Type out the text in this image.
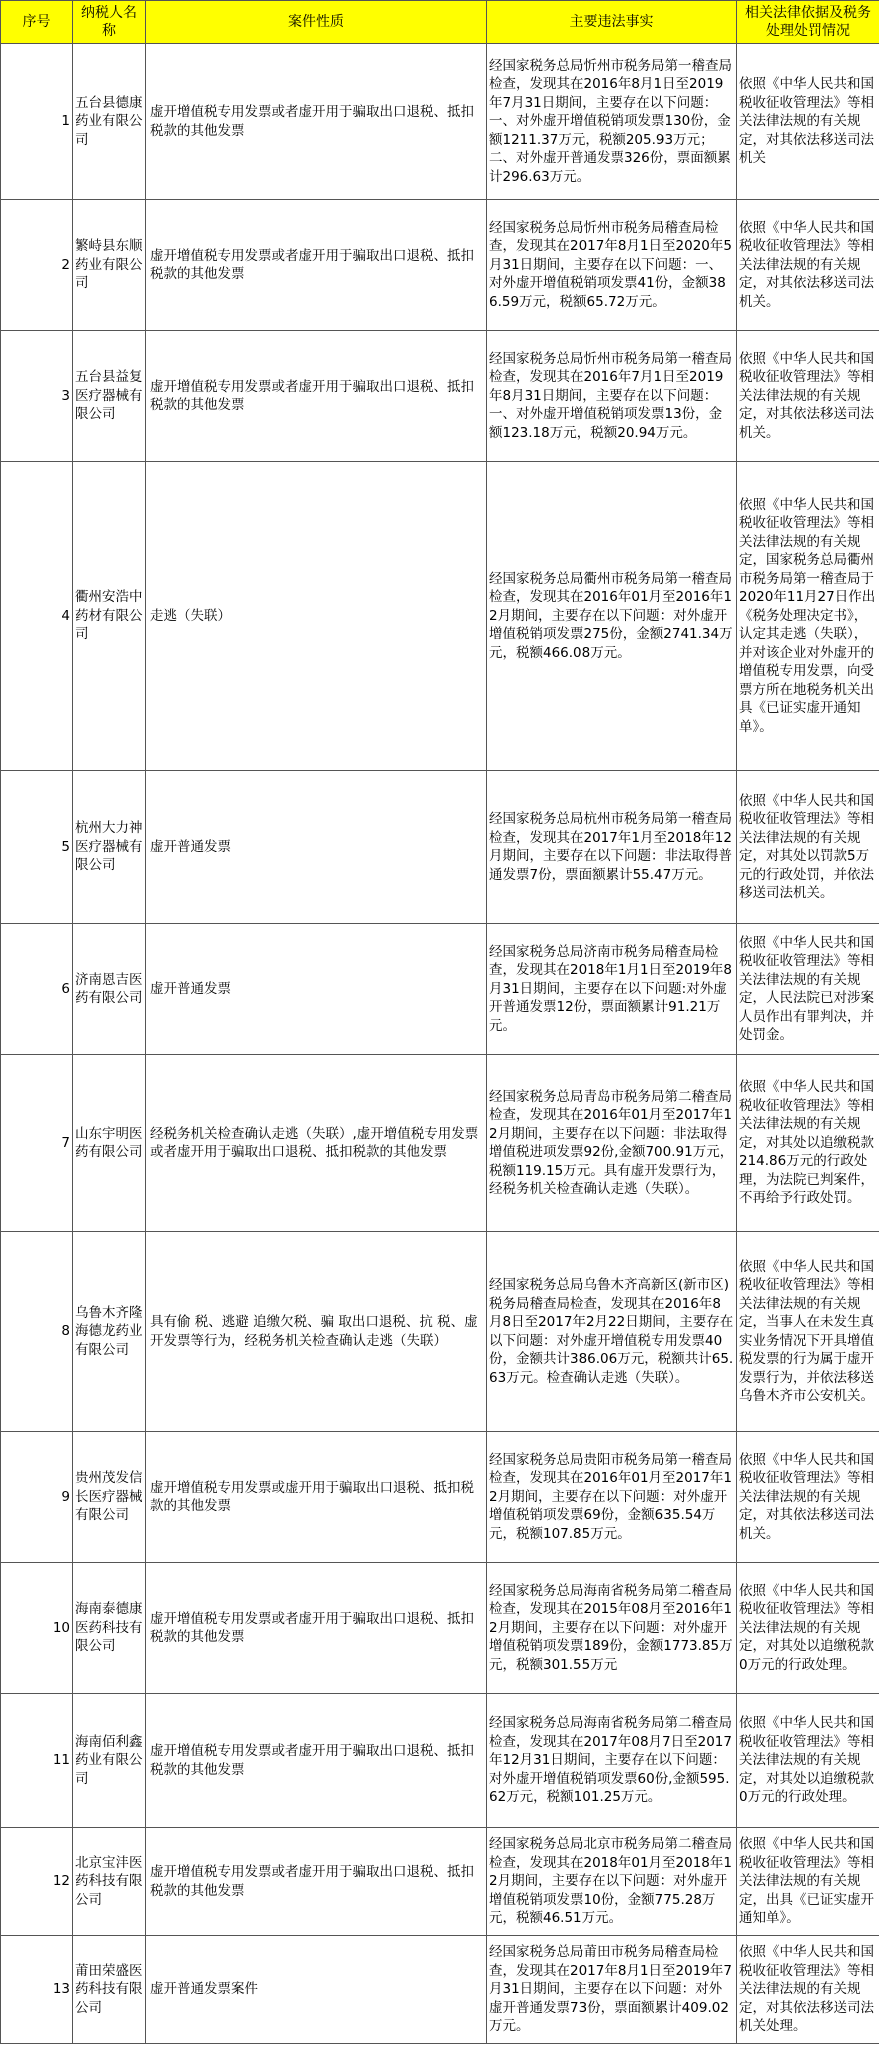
序号	纳税人名称	案件性质	主要违法事实	相关法律依据及税务处理处罚情况
1	五台县德康药业有限公司	虚开增值税专用发票或者虚开用于骗取出口退税、抵扣税款的其他发票	经国家税务总局忻州市税务局第一稽查局检查，发现其在2016年8月1日至2019年7月31日期间，主要存在以下问题：一、对外虚开增值税销项发票130份，金额1211.37万元，税额205.93万元；二、对外虚开普通发票326份，票面额累计296.63万元。	依照《中华人民共和国税收征收管理法》等相关法律法规的有关规定，对其依法移送司法机关
2	繁峙县东顺药业有限公司	虚开增值税专用发票或者虚开用于骗取出口退税、抵扣税款的其他发票	经国家税务总局忻州市税务局稽查局检查，发现其在2017年8月1日至2020年5月31日期间，主要存在以下问题：一、对外虚开增值税销项发票41份，金额386.59万元，税额65.72万元。	依照《中华人民共和国税收征收管理法》等相关法律法规的有关规定，对其依法移送司法机关。
3	五台县益复医疗器械有限公司	虚开增值税专用发票或者虚开用于骗取出口退税、抵扣税款的其他发票	经国家税务总局忻州市税务局第一稽查局检查，发现其在2016年7月1日至2019年8月31日期间，主要存在以下问题：一、对外虚开增值税销项发票13份，金额123.18万元，税额20.94万元。	依照《中华人民共和国税收征收管理法》等相关法律法规的有关规定，对其依法移送司法机关。
4	衢州安浩中药材有限公司	走逃（失联）	经国家税务总局衢州市税务局第一稽查局检查，发现其在2016年01月至2016年12月期间，主要存在以下问题：对外虚开增值税销项发票275份，金额2741.34万元，税额466.08万元。	依照《中华人民共和国税收征收管理法》等相关法律法规的有关规定，国家税务总局衢州市税务局第一稽查局于2020年11月27日作出《税务处理决定书》，认定其走逃（失联），并对该企业对外虚开的增值税专用发票，向受票方所在地税务机关出具《已证实虚开通知单》。
5	杭州大力神医疗器械有限公司	虚开普通发票	经国家税务总局杭州市税务局第一稽查局检查，发现其在2017年1月至2018年12月期间，主要存在以下问题：非法取得普通发票7份，票面额累计55.47万元。	依照《中华人民共和国税收征收管理法》等相关法律法规的有关规定，对其处以罚款5万元的行政处罚，并依法移送司法机关。
6	济南恩吉医药有限公司	虚开普通发票	经国家税务总局济南市税务局稽查局检查，发现其在2018年1月1日至2019年8月31日期间，主要存在以下问题:对外虚开普通发票12份，票面额累计91.21万元。	依照《中华人民共和国税收征收管理法》等相关法律法规的有关规定，人民法院已对涉案人员作出有罪判决，并处罚金。
7	山东宇明医药有限公司	经税务机关检查确认走逃（失联）,虚开增值税专用发票或者虚开用于骗取出口退税、抵扣税款的其他发票	经国家税务总局青岛市税务局第二稽查局检查，发现其在2016年01月至2017年12月期间，主要存在以下问题：非法取得增值税进项发票92份,金额700.91万元，税额119.15万元。具有虚开发票行为，经税务机关检查确认走逃（失联）。	依照《中华人民共和国税收征收管理法》等相关法律法规的有关规定，对其处以追缴税款214.86万元的行政处理，为法院已判案件，不再给予行政处罚。
8	乌鲁木齐隆海德龙药业有限公司	具有偷 税、逃避 追缴欠税、骗 取出口退税、抗 税、虚开发票等行为，经税务机关检查确认走逃（失联）	经国家税务总局乌鲁木齐高新区(新市区)税务局稽查局检查，发现其在2016年8月8日至2017年2月22日期间，主要存在以下问题：对外虚开增值税专用发票40份，金额共计386.06万元，税额共计65.63万元。检查确认走逃（失联）。	依照《中华人民共和国税收征收管理法》等相关法律法规的有关规定，当事人在未发生真实业务情况下开具增值税发票的行为属于虚开发票行为，并依法移送乌鲁木齐市公安机关。
9	贵州茂发信长医疗器械有限公司	虚开增值税专用发票或虚开用于骗取出口退税、抵扣税款的其他发票	经国家税务总局贵阳市税务局第一稽查局检查，发现其在2016年01月至2017年12月期间，主要存在以下问题：对外虚开增值税销项发票69份，金额635.54万元，税额107.85万元。	依照《中华人民共和国税收征收管理法》等相关法律法规的有关规定，对其依法移送司法机关。
10	海南泰德康医药科技有限公司	虚开增值税专用发票或者虚开用于骗取出口退税、抵扣税款的其他发票	经国家税务总局海南省税务局第二稽查局检查，发现其在2015年08月至2016年12月期间，主要存在以下问题：对外虚开增值税销项发票189份，金额1773.85万元，税额301.55万元	依照《中华人民共和国税收征收管理法》等相关法律法规的有关规定，对其处以追缴税款0万元的行政处理。
11	海南佰利鑫药业有限公司	虚开增值税专用发票或者虚开用于骗取出口退税、抵扣税款的其他发票	经国家税务总局海南省税务局第二稽查局检查，发现其在2017年08月7日至2017年12月31日期间，主要存在以下问题：对外虚开增值税销项发票60份,金额595.62万元，税额101.25万元。	依照《中华人民共和国税收征收管理法》等相关法律法规的有关规定，对其处以追缴税款0万元的行政处理。
12	北京宝沣医药科技有限公司	虚开增值税专用发票或者虚开用于骗取出口退税、抵扣税款的其他发票	经国家税务总局北京市税务局第二稽查局检查，发现其在2018年01月至2018年12月期间，主要存在以下问题：对外虚开增值税销项发票10份，金额775.28万元，税额46.51万元。	依照《中华人民共和国税收征收管理法》等相关法律法规的有关规定，出具《已证实虚开通知单》。
13	莆田荣盛医药科技有限公司	虚开普通发票案件	经国家税务总局莆田市税务局稽查局检查，发现其在2017年8月1日至2019年7月31日期间，主要存在以下问题：对外虚开普通发票73份，票面额累计409.02万元。	依照《中华人民共和国税收征收管理法》等相关法律法规的有关规定，对其依法移送司法机关处理。
